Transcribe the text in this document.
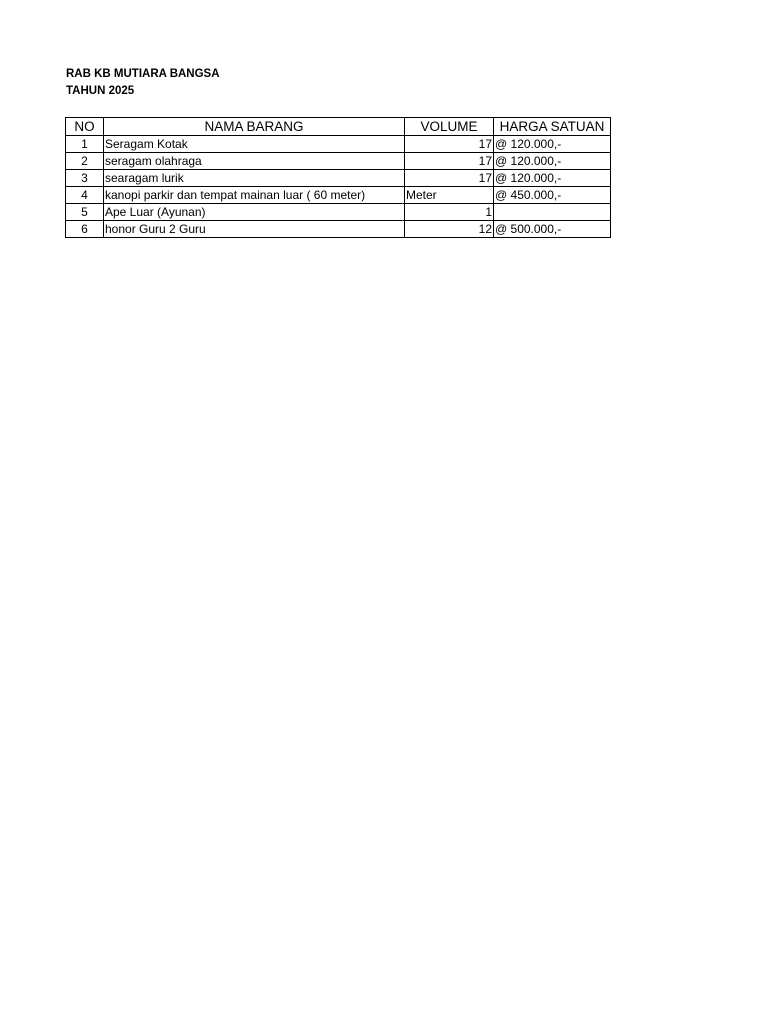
RAB KB MUTIARA BANGSA
TAHUN 2025
NO	NAMA BARANG	VOLUME	HARGA SATUAN
1	Seragam Kotak	17	@ 120.000,-
2	seragam olahraga	17	@ 120.000,-
3	searagam lurik	17	@ 120.000,-
4	kanopi parkir dan tempat mainan luar ( 60 meter)	Meter	@ 450.000,-
5	Ape Luar (Ayunan)	1	
6	honor Guru 2 Guru	12	@ 500.000,-
